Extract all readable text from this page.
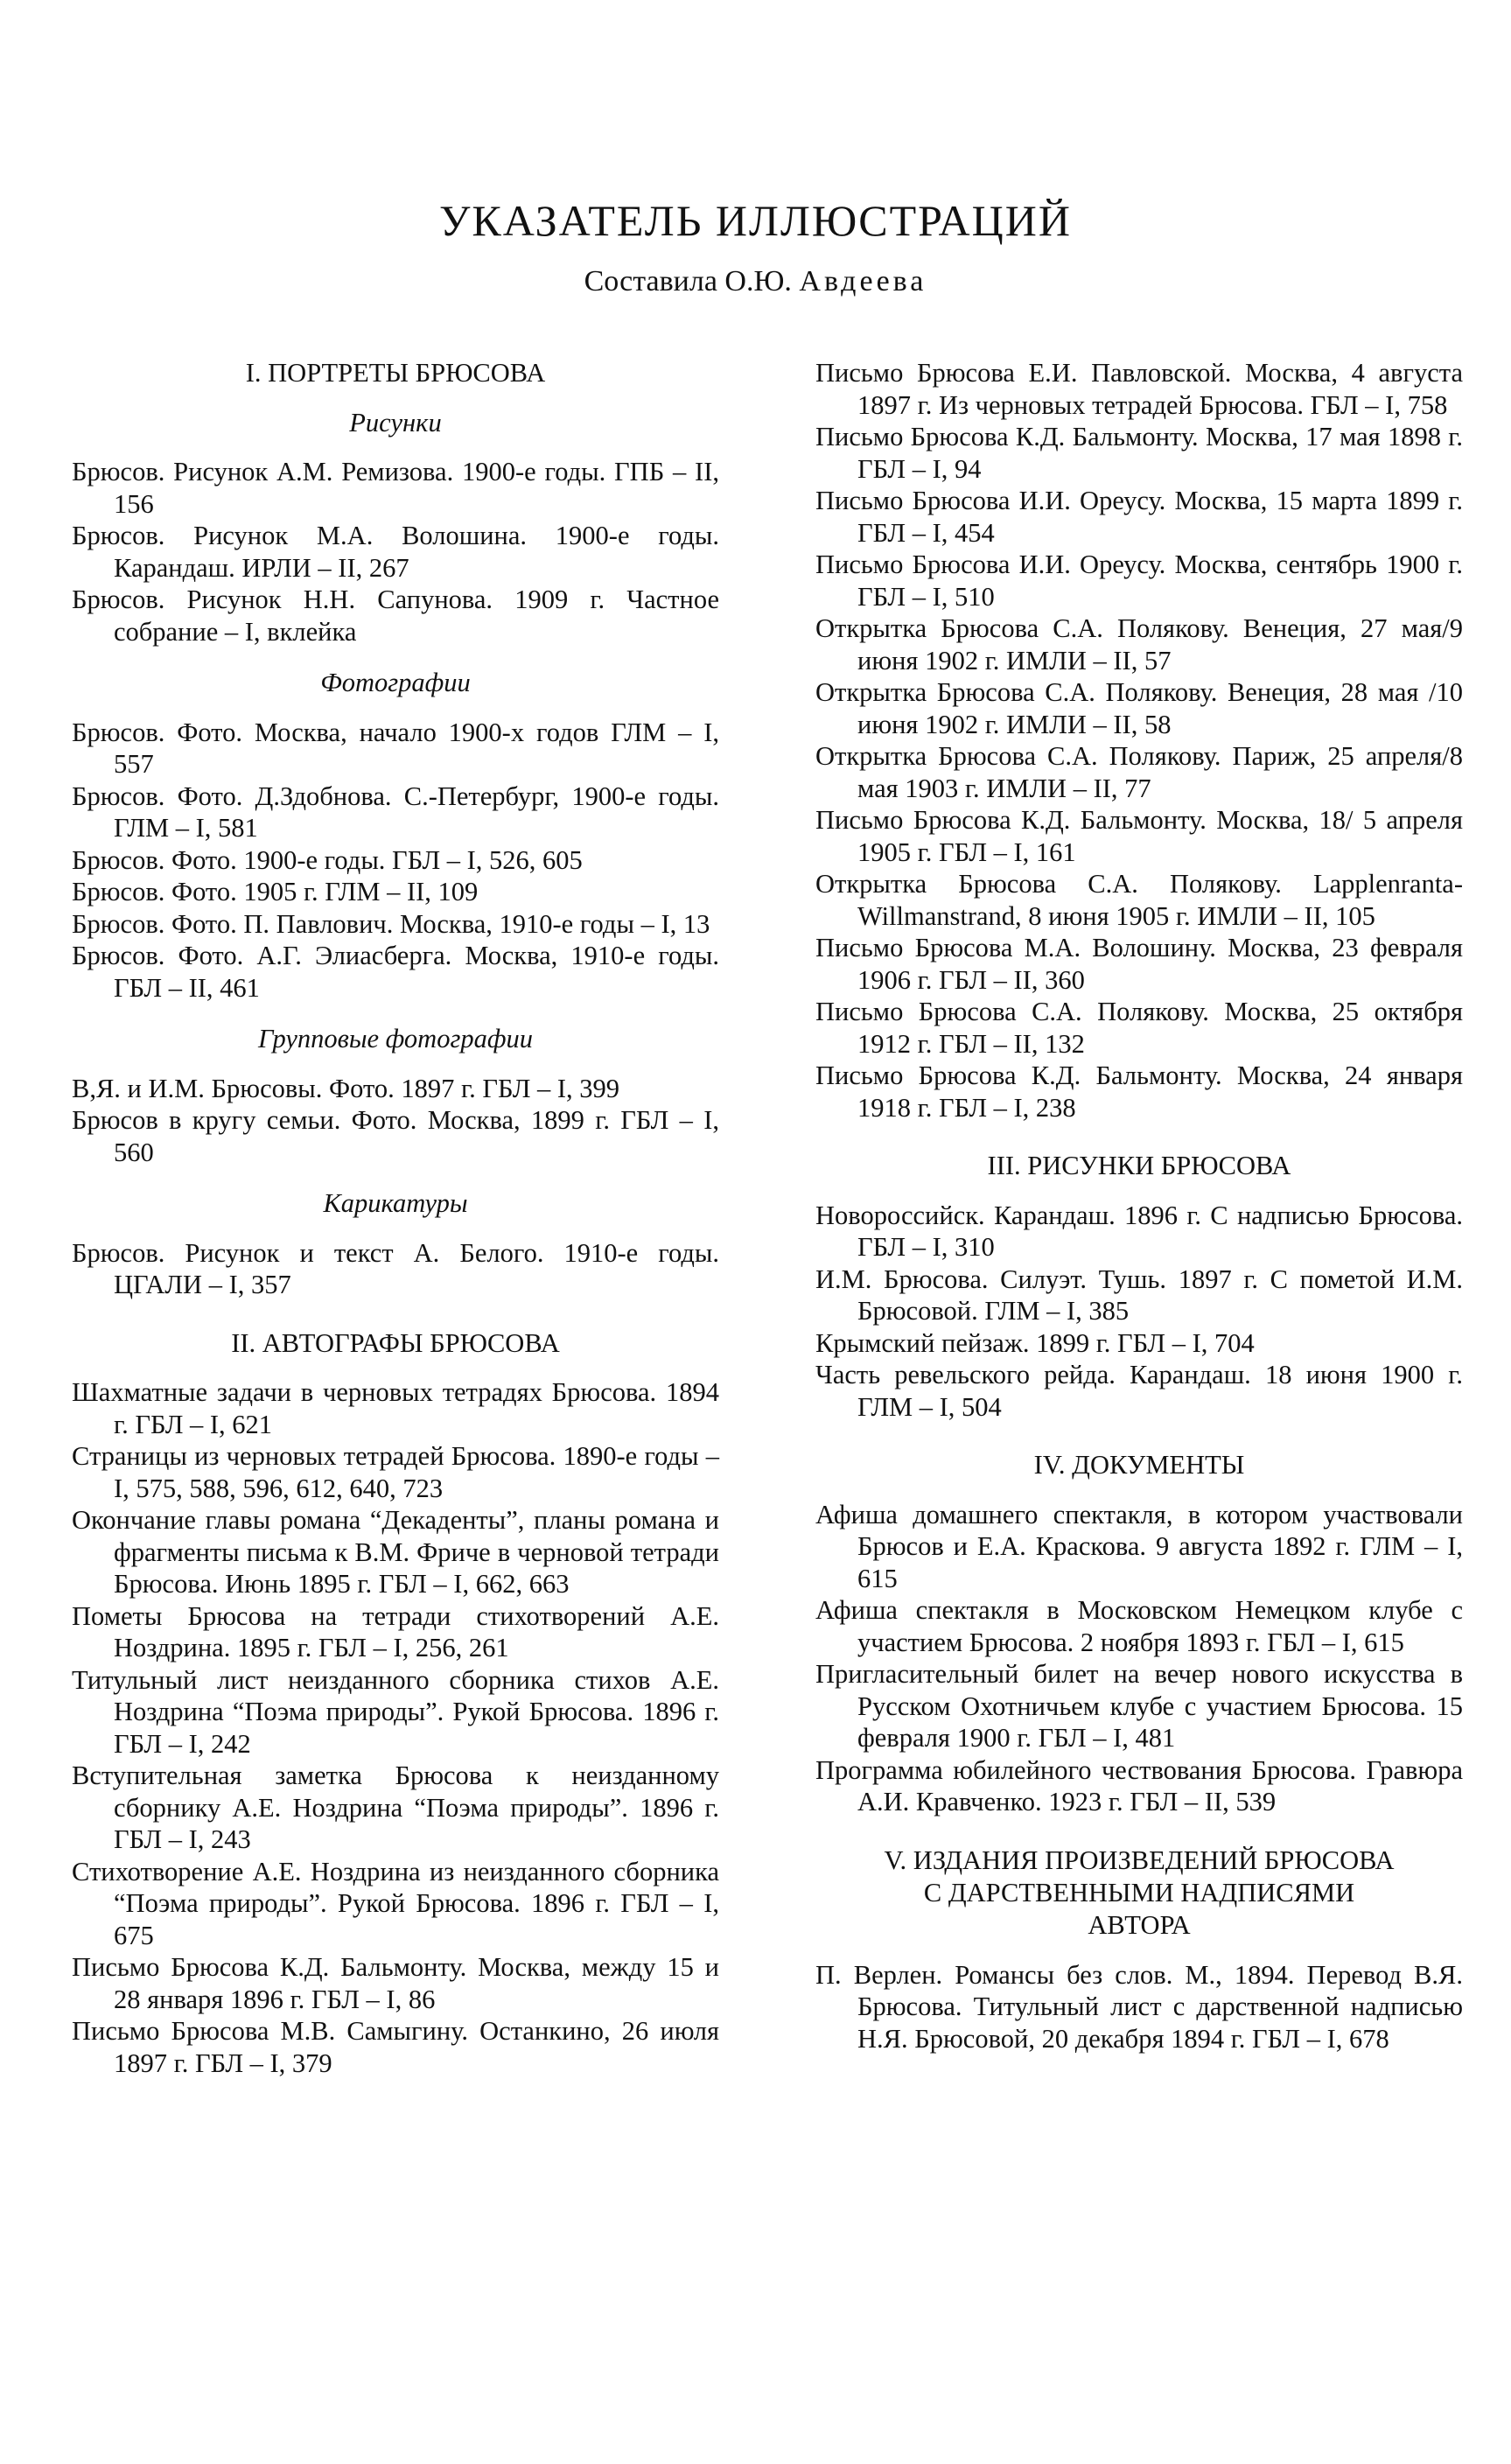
УКАЗАТЕЛЬ ИЛЛЮСТРАЦИЙ
Составила О.Ю. Авдеева
I. ПОРТРЕТЫ БРЮСОВА
Рисунки

Брюсов. Рисунок А.М. Ремизова. 1900-е годы. ГПБ – II, 156

Брюсов. Рисунок М.А. Волошина. 1900-е годы. Карандаш. ИРЛИ – II, 267

Брюсов. Рисунок Н.Н. Сапунова. 1909 г. Частное собрание – I, вклейка

Фотографии

Брюсов. Фото. Москва, начало 1900-х годов ГЛМ – I, 557

Брюсов. Фото. Д.Здобнова. С.-Петербург, 1900-е годы. ГЛМ – I, 581

Брюсов. Фото. 1900-е годы. ГБЛ – I, 526, 605

Брюсов. Фото. 1905 г. ГЛМ – II, 109

Брюсов. Фото. П. Павлович. Москва, 1910-е годы – I, 13

Брюсов. Фото. А.Г. Элиасберга. Москва, 1910-е годы. ГБЛ – II, 461

Групповые фотографии

В,Я. и И.М. Брюсовы. Фото. 1897 г. ГБЛ – I, 399

Брюсов в кругу семьи. Фото. Москва, 1899 г. ГБЛ – I, 560

Карикатуры

Брюсов. Рисунок и текст А. Белого. 1910-е годы. ЦГАЛИ – I, 357

II. АВТОГРАФЫ БРЮСОВА

Шахматные задачи в черновых тетрадях Брюсова. 1894 г. ГБЛ – I, 621

Страницы из черновых тетрадей Брюсова. 1890-е годы – I, 575, 588, 596, 612, 640, 723

Окончание главы романа “Декаденты”, планы романа и фрагменты письма к В.М. Фриче в черновой тетради Брюсова. Июнь 1895 г. ГБЛ – I, 662, 663

Пометы Брюсова на тетради стихотворений А.Е. Ноздрина. 1895 г. ГБЛ – I, 256, 261

Титульный лист неизданного сборника стихов А.Е. Ноздрина “Поэма природы”. Рукой Брюсова. 1896 г. ГБЛ – I, 242

Вступительная заметка Брюсова к неизданному сборнику А.Е. Ноздрина “Поэма природы”. 1896 г. ГБЛ – I, 243

Стихотворение А.Е. Ноздрина из неизданного сборника “Поэма природы”. Рукой Брюсова. 1896 г. ГБЛ – I, 675

Письмо Брюсова К.Д. Бальмонту. Москва, между 15 и 28 января 1896 г. ГБЛ – I, 86

Письмо Брюсова М.В. Самыгину. Останкино, 26 июля 1897 г. ГБЛ – I, 379

Письмо Брюсова Е.И. Павловской. Москва, 4 августа 1897 г. Из черновых тетрадей Брюсова. ГБЛ – I, 758

Письмо Брюсова К.Д. Бальмонту. Москва, 17 мая 1898 г. ГБЛ – I, 94

Письмо Брюсова И.И. Ореусу. Москва, 15 марта 1899 г. ГБЛ – I, 454

Письмо Брюсова И.И. Ореусу. Москва, сентябрь 1900 г. ГБЛ – I, 510

Открытка Брюсова С.А. Полякову. Венеция, 27 мая/9 июня 1902 г. ИМЛИ – II, 57

Открытка Брюсова С.А. Полякову. Венеция, 28 мая /10 июня 1902 г. ИМЛИ – II, 58

Открытка Брюсова С.А. Полякову. Париж, 25 апреля/8 мая 1903 г. ИМЛИ – II, 77

Письмо Брюсова К.Д. Бальмонту. Москва, 18/ 5 апреля 1905 г. ГБЛ – I, 161

Открытка Брюсова С.А. Полякову. Lapplenranta-Willmanstrand, 8 июня 1905 г. ИМЛИ – II, 105

Письмо Брюсова М.А. Волошину. Москва, 23 февраля 1906 г. ГБЛ – II, 360

Письмо Брюсова С.А. Полякову. Москва, 25 октября 1912 г. ГБЛ – II, 132

Письмо Брюсова К.Д. Бальмонту. Москва, 24 января 1918 г. ГБЛ – I, 238

III. РИСУНКИ БРЮСОВА

Новороссийск. Карандаш. 1896 г. С надписью Брюсова. ГБЛ – I, 310

И.М. Брюсова. Силуэт. Тушь. 1897 г. С пометой И.М. Брюсовой. ГЛМ – I, 385

Крымский пейзаж. 1899 г. ГБЛ – I, 704

Часть ревельского рейда. Карандаш. 18 июня 1900 г. ГЛМ – I, 504

IV. ДОКУМЕНТЫ

Афиша домашнего спектакля, в котором участвовали Брюсов и Е.А. Краскова. 9 августа 1892 г. ГЛМ – I, 615

Афиша спектакля в Московском Немецком клубе с участием Брюсова. 2 ноября 1893 г. ГБЛ – I, 615

Пригласительный билет на вечер нового искусства в Русском Охотничьем клубе с участием Брюсова. 15 февраля 1900 г. ГБЛ – I, 481

Программа юбилейного чествования Брюсова. Гравюра А.И. Кравченко. 1923 г. ГБЛ – II, 539

V. ИЗДАНИЯ ПРОИЗВЕДЕНИЙ БРЮСОВА
С ДАРСТВЕННЫМИ НАДПИСЯМИ
АВТОРА

П. Верлен. Романсы без слов. М., 1894. Перевод В.Я. Брюсова. Титульный лист с дарственной надписью Н.Я. Брюсовой, 20 декабря 1894 г. ГБЛ – I, 678
